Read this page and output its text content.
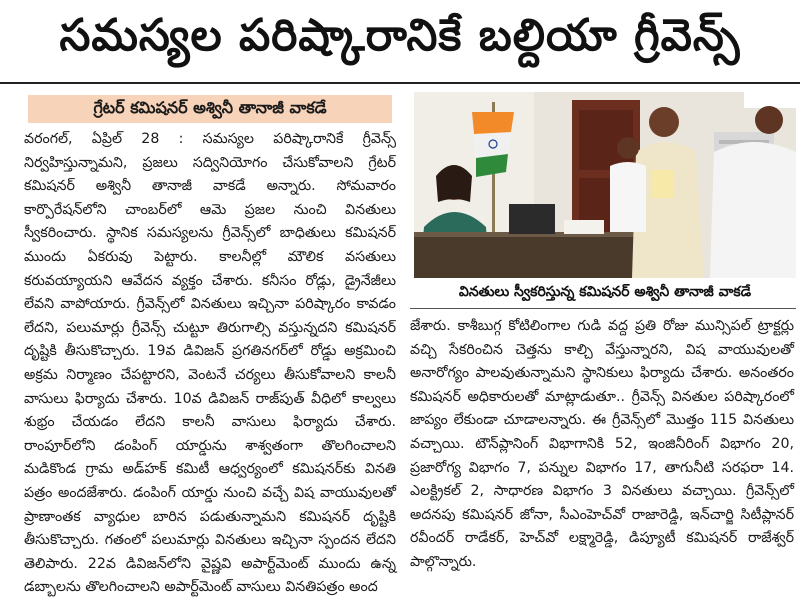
సమస్యల పరిష్కారానికే బల్దియా గ్రీవెన్స్
గ్రేటర్ కమిషనర్ అశ్వినీ తానాజీ వాకడే

వరంగల్, ఏప్రిల్ 28 : సమస్యల పరిష్కారానికే గ్రీవెన్స్ నిర్వహిస్తున్నామని, ప్రజలు సద్వినియోగం చేసుకోవాలని గ్రేటర్ కమిషనర్ అశ్వినీ తానాజీ వాకడే అన్నారు. సోమవారం కార్పొరేషన్‌లోని చాంబర్‌లో ఆమె ప్రజల నుంచి వినతులు స్వీకరించారు. స్థానిక సమస్యలను గ్రీవెన్స్‌లో బాధితులు కమిషనర్ ముందు ఏకరువు పెట్టారు. కాలనీల్లో మౌలిక వసతులు కరువయ్యాయని ఆవేదన వ్యక్తం చేశారు. కనీసం రోడ్లు, డ్రైనేజీలు లేవని వాపోయారు. గ్రీవెన్స్‌లో వినతులు ఇచ్చినా పరిష్కారం కావడం లేదని, పలుమార్లు గ్రీవెన్స్ చుట్టూ తిరుగాల్సి వస్తున్నదని కమిషనర్ దృష్టికి తీసుకొచ్చారు. 19వ డివిజన్ ప్రగతినగర్‌లో రోడ్డు అక్రమించి అక్రమ నిర్మాణం చేపట్టారని, వెంటనే చర్యలు తీసుకోవాలని కాలనీ వాసులు ఫిర్యాదు చేశారు. 10వ డివిజన్ రాజ్‌పుత్ వీధిలో కాల్వలు శుభ్రం చేయడం లేదని కాలనీ వాసులు ఫిర్యాదు చేశారు. రాంపూర్‌లోని డంపింగ్ యార్డును శాశ్వతంగా తొలగించాలని మడికొండ గ్రామ అడ్‌హక్ కమిటీ ఆధ్వర్యంలో కమిషనర్‌కు వినతి పత్రం అందజేశారు. డంపింగ్ యార్డు నుంచి వచ్చే విష వాయువులతో ప్రాణాంతక వ్యాధుల బారిన పడుతున్నామని కమిషనర్ దృష్టికి తీసుకొచ్చారు. గతంలో పలుమార్లు వినతులు ఇచ్చినా స్పందన లేదని తెలిపారు. 22వ డివిజన్‌లోని వైష్ణవి అపార్ట్‌మెంట్ ముందు ఉన్న డబ్బాలను తొలగించాలని అపార్ట్‌మెంట్ వాసులు వినతిపత్రం అంద

వినతులు స్వీకరిస్తున్న కమిషనర్ అశ్వినీ తానాజీ వాకడే

జేశారు. కాశీబుగ్గ కోటిలింగాల గుడి వద్ద ప్రతి రోజు మున్సిపల్ ట్రాక్టర్లు వచ్చి సేకరించిన చెత్తను కాల్చి వేస్తున్నారని, విష వాయువులతో అనారోగ్యం పాలవుతున్నామని స్థానికులు ఫిర్యాదు చేశారు. అనంతరం కమిషనర్ అధికారులతో మాట్లాడుతూ.. గ్రీవెన్స్ వినతుల పరిష్కారంలో జాప్యం లేకుండా చూడాలన్నారు. ఈ గ్రీవెన్స్‌లో మొత్తం 115 వినతులు వచ్చాయి. టౌన్‌ప్లానింగ్ విభాగానికి 52, ఇంజినీరింగ్ విభాగం 20, ప్రజారోగ్య విభాగం 7, పన్నుల విభాగం 17, తాగునీటి సరఫరా 14. ఎలక్ట్రికల్ 2, సాధారణ విభాగం 3 వినతులు వచ్చాయి. గ్రీవెన్స్‌లో అదనపు కమిషనర్ జోనా, సీఎంహెచ్‌వో రాజారెడ్డి, ఇన్‌చార్జి సిటీప్లానర్ రవీందర్ రాడేకర్, హెచ్‌వో లక్ష్మారెడ్డి, డిప్యూటీ కమిషనర్ రాజేశ్వర్ పాల్గొన్నారు.
